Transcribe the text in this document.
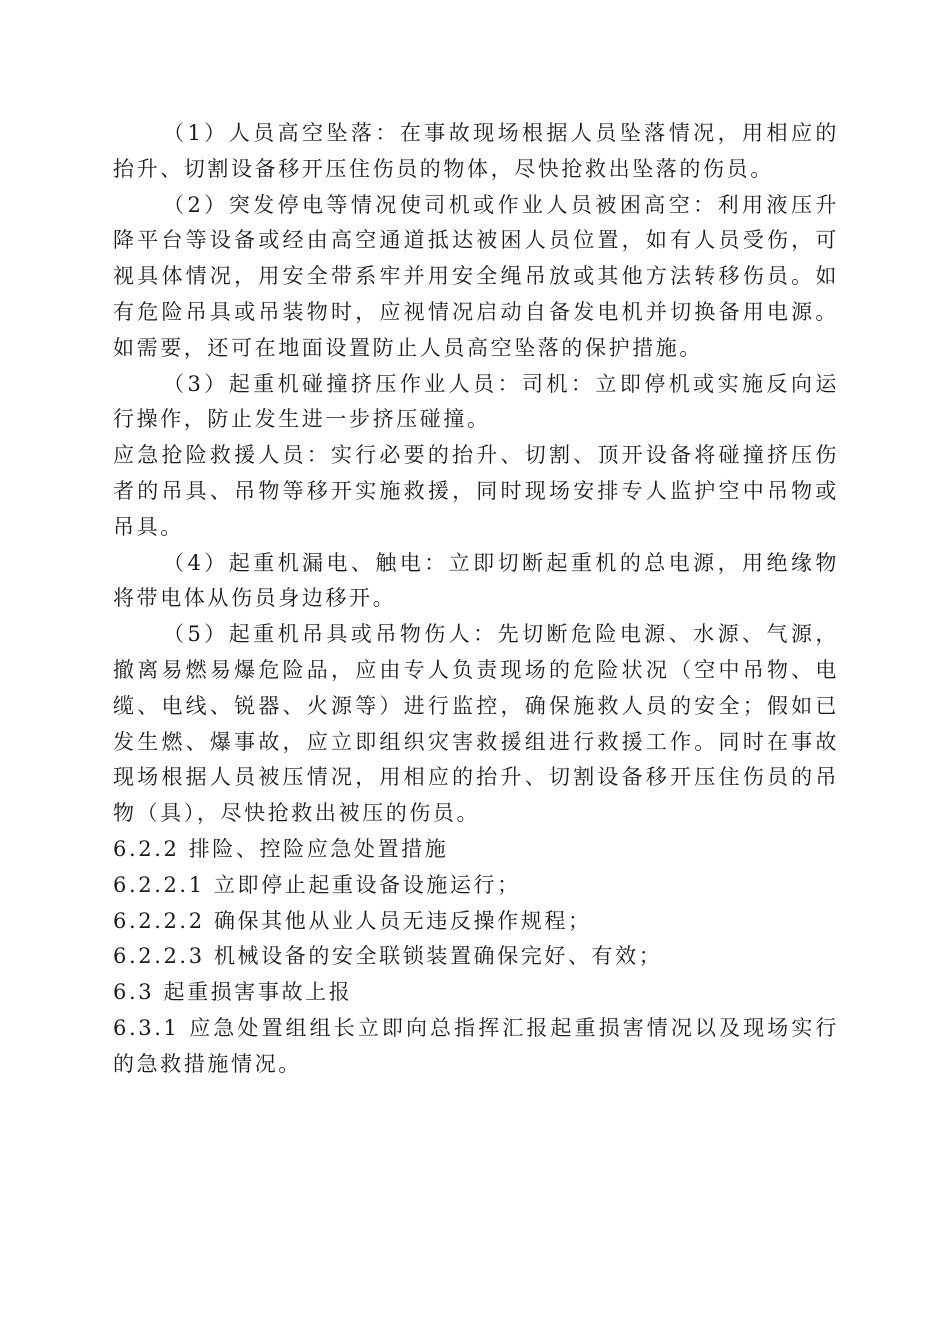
（1）人员高空坠落：在事故现场根据人员坠落情况，用相应的抬升、切割设备移开压住伤员的物体，尽快抢救出坠落的伤员。

（2）突发停电等情况使司机或作业人员被困高空：利用液压升降平台等设备或经由高空通道抵达被困人员位置，如有人员受伤，可视具体情况，用安全带系牢并用安全绳吊放或其他方法转移伤员。如有危险吊具或吊装物时，应视情况启动自备发电机并切换备用电源。如需要，还可在地面设置防止人员高空坠落的保护措施。

（3）起重机碰撞挤压作业人员：司机：立即停机或实施反向运行操作，防止发生进一步挤压碰撞。

应急抢险救援人员：实行必要的抬升、切割、顶开设备将碰撞挤压伤者的吊具、吊物等移开实施救援，同时现场安排专人监护空中吊物或吊具。

（4）起重机漏电、触电：立即切断起重机的总电源，用绝缘物将带电体从伤员身边移开。

（5）起重机吊具或吊物伤人：先切断危险电源、水源、气源，撤离易燃易爆危险品，应由专人负责现场的危险状况（空中吊物、电缆、电线、锐器、火源等）进行监控，确保施救人员的安全；假如已发生燃、爆事故，应立即组织灾害救援组进行救援工作。同时在事故现场根据人员被压情况，用相应的抬升、切割设备移开压住伤员的吊物（具），尽快抢救出被压的伤员。

6.2.2 排险、控险应急处置措施

6.2.2.1 立即停止起重设备设施运行；

6.2.2.2 确保其他从业人员无违反操作规程；

6.2.2.3 机械设备的安全联锁装置确保完好、有效；

6.3 起重损害事故上报

6.3.1 应急处置组组长立即向总指挥汇报起重损害情况以及现场实行的急救措施情况。
